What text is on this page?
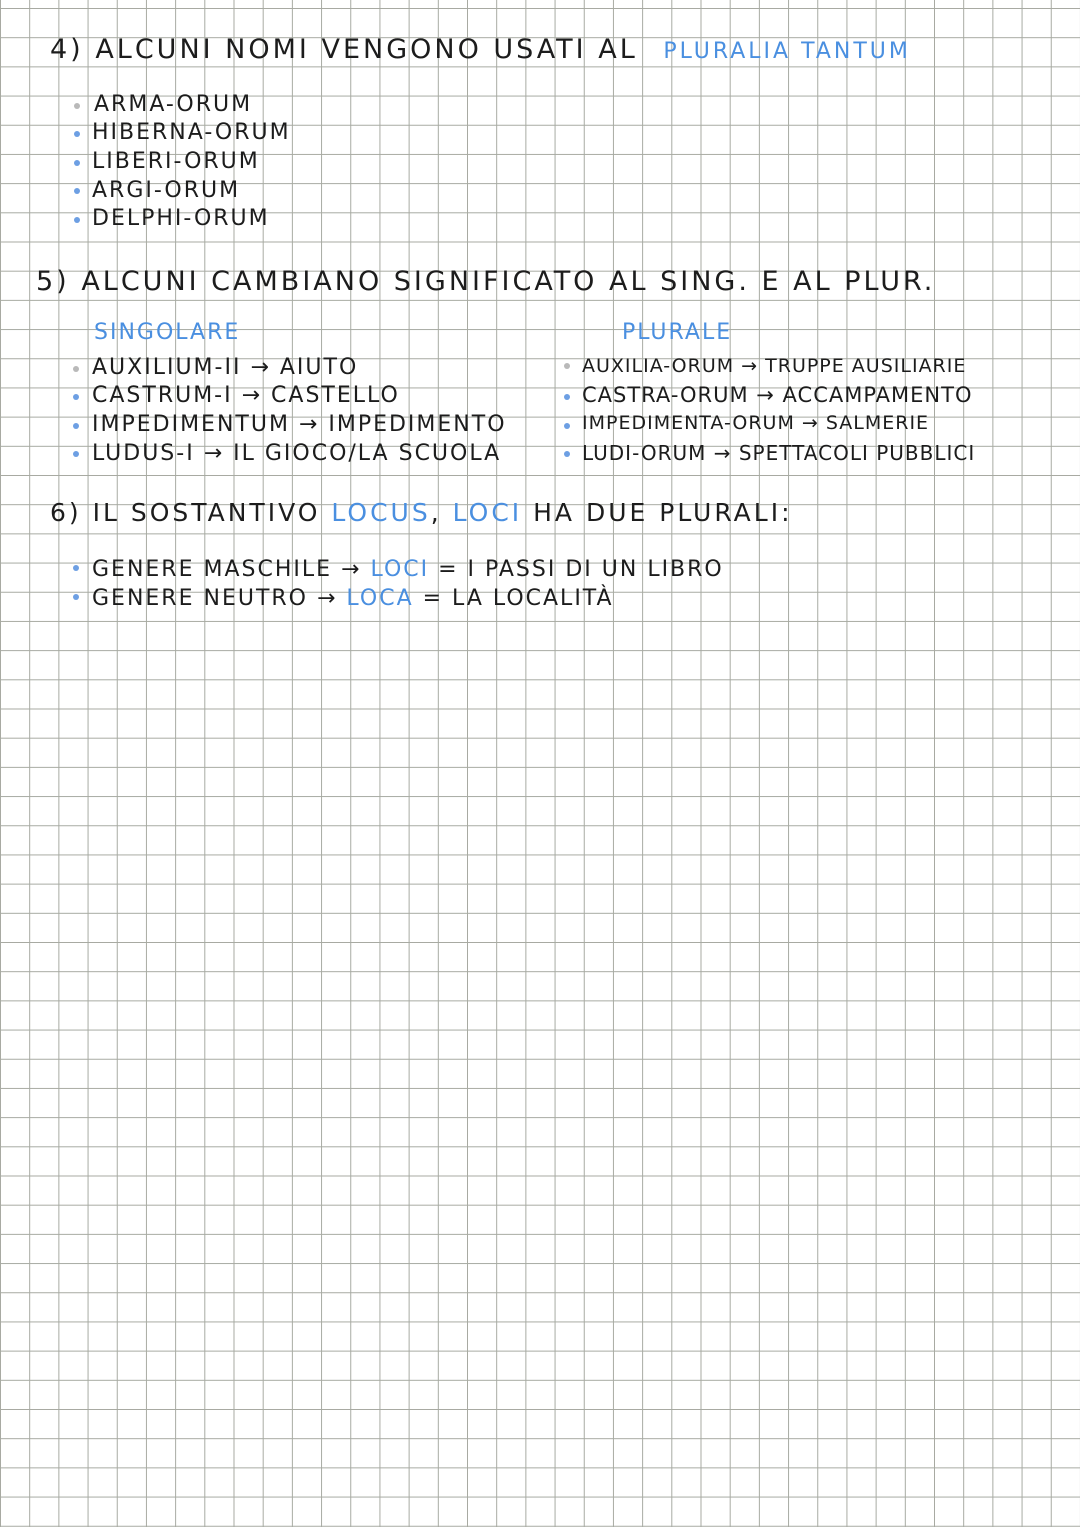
4) ALCUNI NOMI VENGONO USATI AL PLURALIA TANTUM
ARMA-ORUM
HIBERNA-ORUM
LIBERI-ORUM
ARGI-ORUM
DELPHI-ORUM
5) ALCUNI CAMBIANO SIGNIFICATO AL SING. E AL PLUR.
SINGOLARE	PLURALE
AUXILIUM-II → AIUTO
CASTRUM-I → CASTELLO
IMPEDIMENTUM → IMPEDIMENTO
LUDUS-I → IL GIOCO/LA SCUOLA
AUXILIA-ORUM → TRUPPE AUSILIARIE
CASTRA-ORUM → ACCAMPAMENTO
IMPEDIMENTA-ORUM → SALMERIE
LUDI-ORUM → SPETTACOLI PUBBLICI
6) IL SOSTANTIVO LOCUS, LOCI HA DUE PLURALI:
GENERE MASCHILE → LOCI = I PASSI DI UN LIBRO
GENERE NEUTRO → LOCA = LA LOCALITÀ
